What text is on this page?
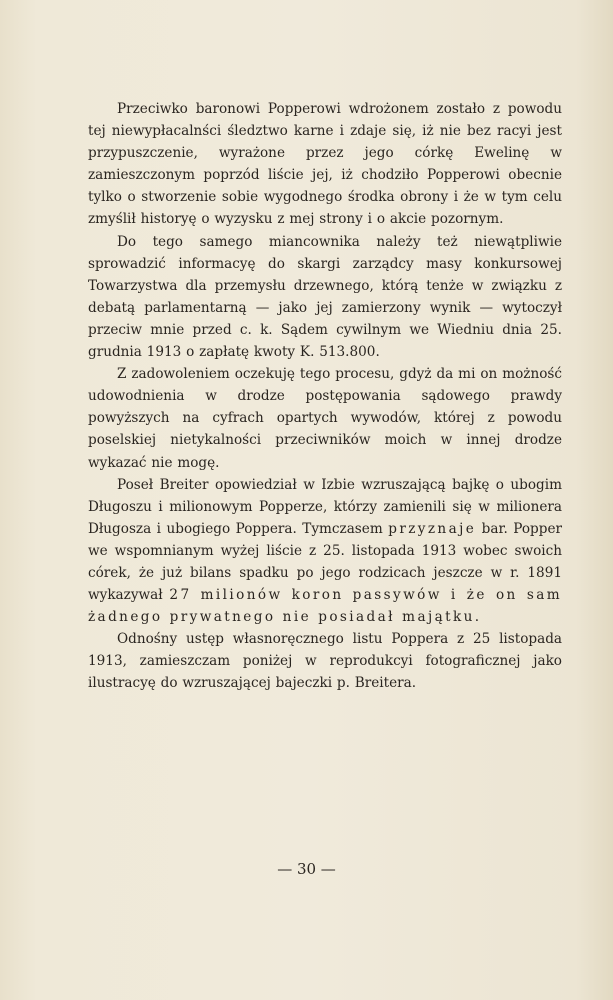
Przeciwko baronowi Popperowi wdrożonem zostało z powodu tej niewypłacalnści śledztwo karne i zdaje się, iż nie bez racyi jest przypuszczenie, wyrażone przez jego córkę Ewelinę w zamieszczonym poprzód liście jej, iż chodziło Popperowi obecnie tylko o stworzenie sobie wygodnego środka obrony i że w tym celu zmyślił historyę o wyzysku z mej strony i o akcie pozornym.

Do tego samego miancownika należy też niewątpliwie sprowadzić informacyę do skargi zarządcy masy konkursowej Towarzystwa dla przemysłu drzewnego, którą tenże w związku z debatą parlamentarną — jako jej zamierzony wynik — wytoczył przeciw mnie przed c. k. Sądem cywilnym we Wiedniu dnia 25. grudnia 1913 o zapłatę kwoty K. 513.800.

Z zadowoleniem oczekuję tego procesu, gdyż da mi on możność udowodnienia w drodze postępowania sądowego prawdy powyższych na cyfrach opartych wywodów, której z powodu poselskiej nietykalności przeciwników moich w innej drodze wykazać nie mogę.

Poseł Breiter opowiedział w Izbie wzruszającą bajkę o ubogim Długoszu i milionowym Popperze, którzy zamienili się w milionera Długosza i ubogiego Poppera. Tymczasem przyznaje bar. Popper we wspomnianym wyżej liście z 25. listopada 1913 wobec swoich córek, że już bilans spadku po jego rodzicach jeszcze w r. 1891 wykazywał 27 milionów koron passywów i że on sam żadnego prywatnego nie posiadał majątku.

Odnośny ustęp własnoręcznego listu Poppera z 25 listopada 1913, zamieszczam poniżej w reprodukcyi fotograficznej jako ilustracyę do wzruszającej bajeczki p. Breitera.

— 30 —
